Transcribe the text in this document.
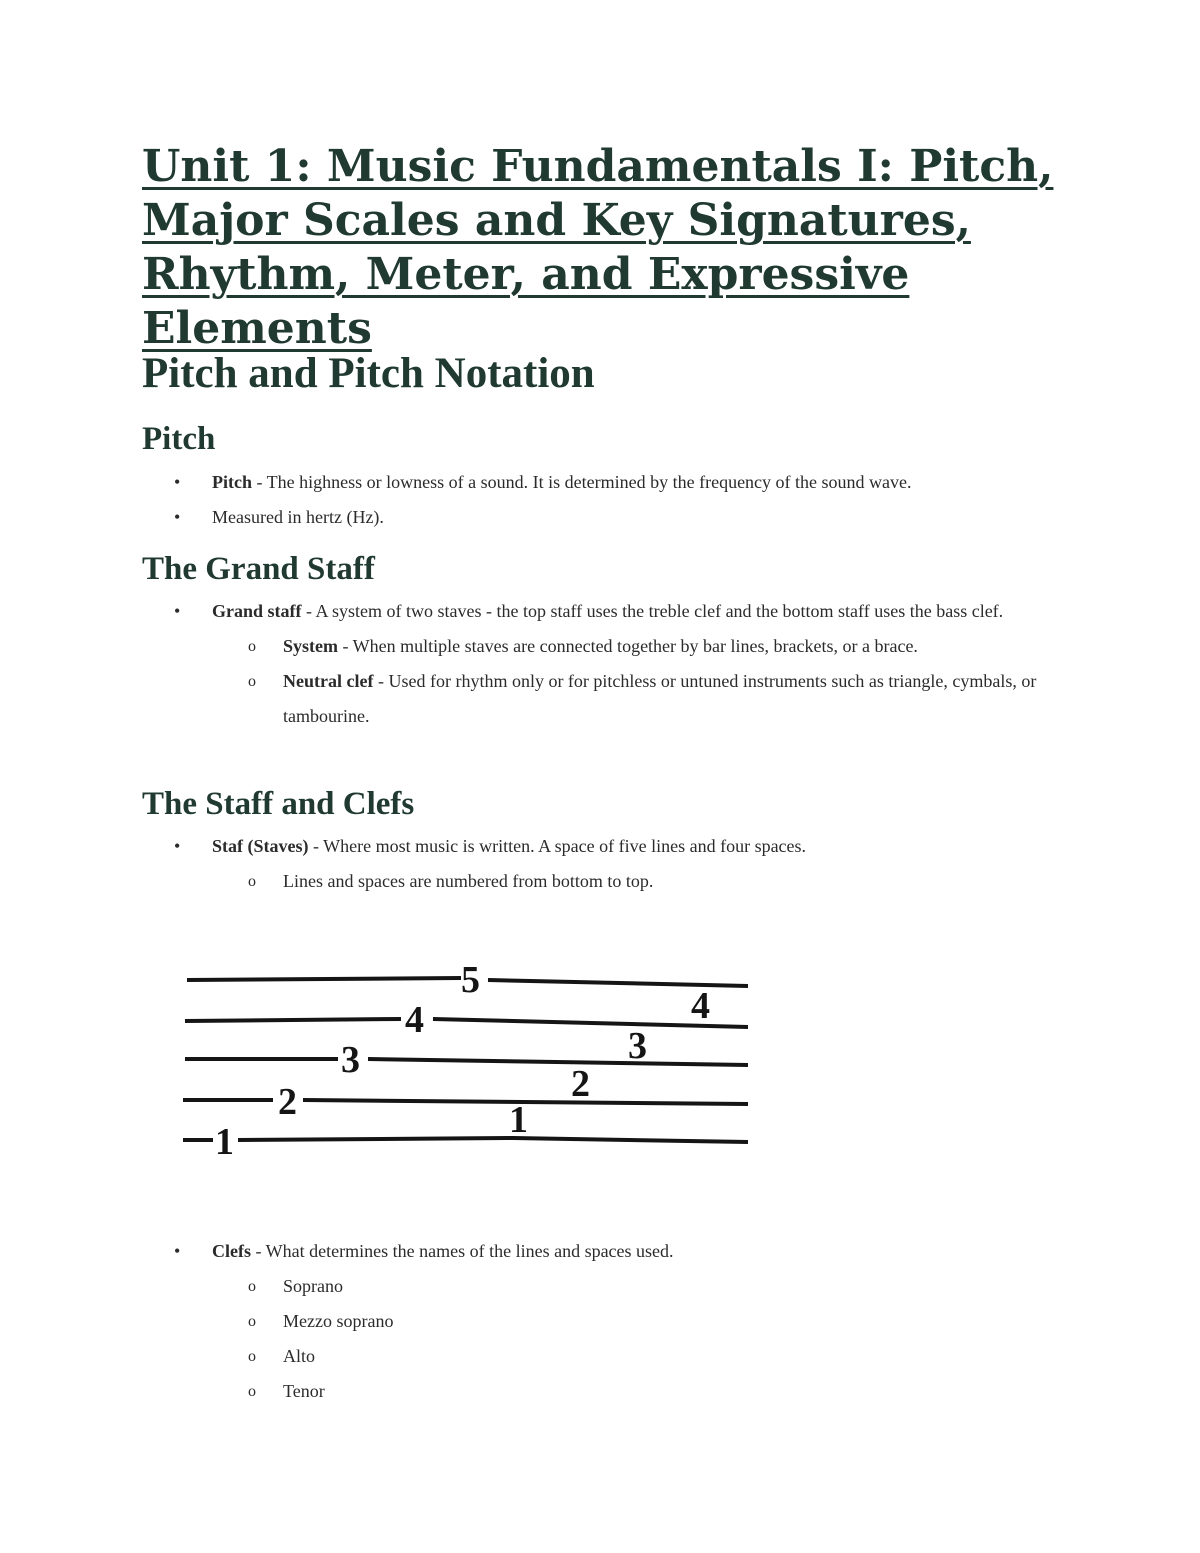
Unit 1: Music Fundamentals I: Pitch, Major Scales and Key Signatures, Rhythm, Meter, and Expressive Elements
Pitch and Pitch Notation
Pitch
• Pitch - The highness or lowness of a sound. It is determined by the frequency of the sound wave.
• Measured in hertz (Hz).
The Grand Staff
• Grand staff - A system of two staves - the top staff uses the treble clef and the bottom staff uses the bass clef.
o System - When multiple staves are connected together by bar lines, brackets, or a brace.
o Neutral clef - Used for rhythm only or for pitchless or untuned instruments such as triangle, cymbals, or tambourine.
The Staff and Clefs
• Staf (Staves) - Where most music is written. A space of five lines and four spaces.
o Lines and spaces are numbered from bottom to top.
1
2
3
4
5
1
2
3
4
• Clefs - What determines the names of the lines and spaces used.
o Soprano
o Mezzo soprano
o Alto
o Tenor
